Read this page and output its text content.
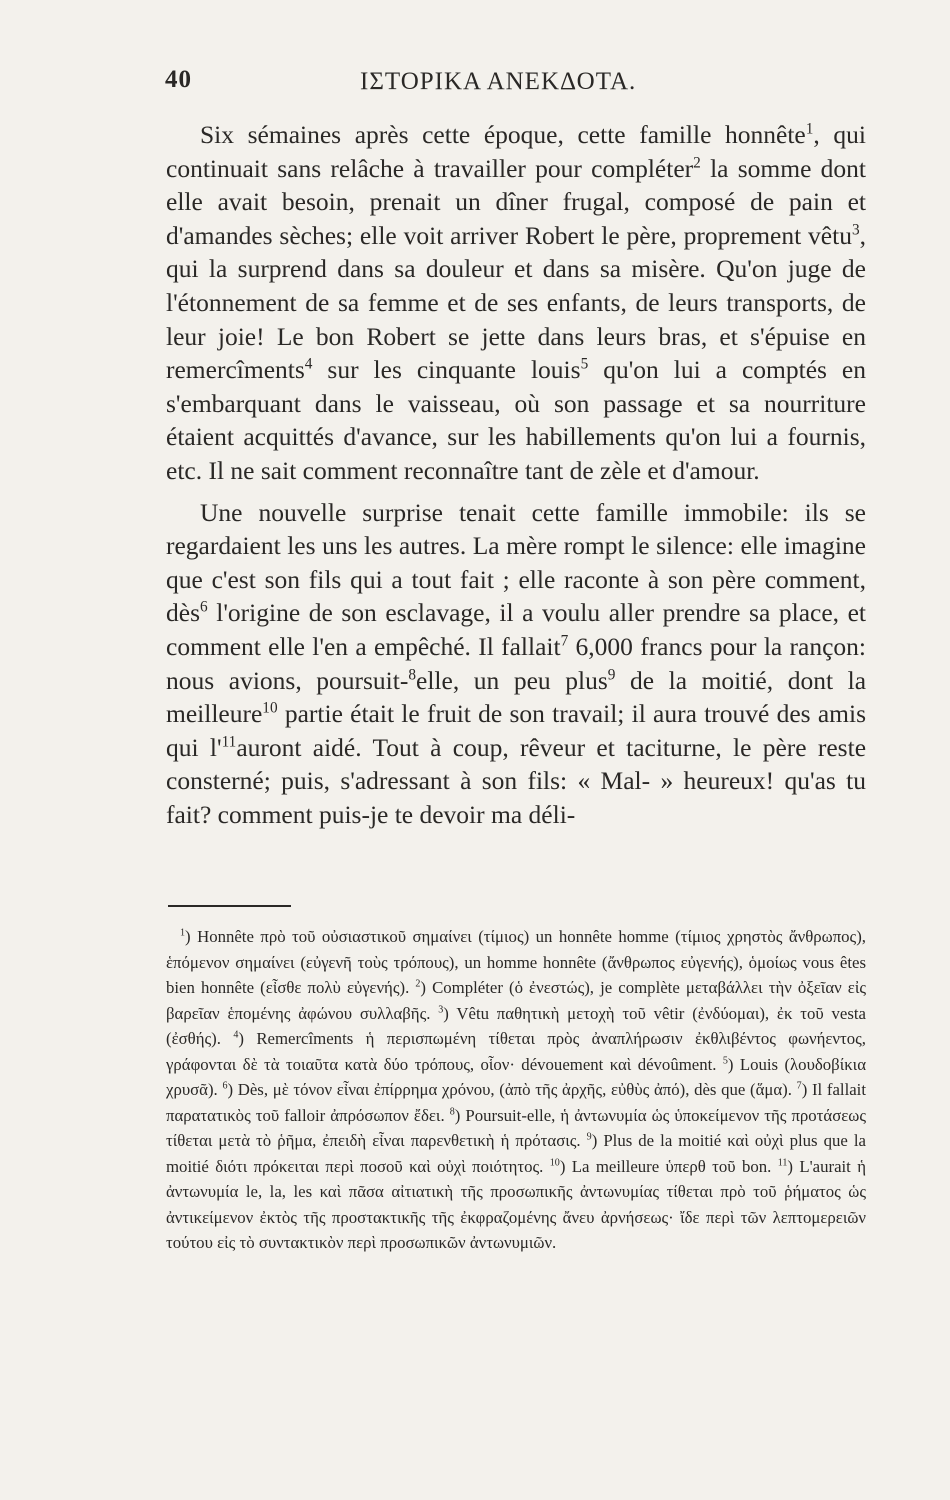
40	ΙΣΤΟΡΙΚΑ ΑΝΕΚΔΟΤΑ.

Six sémaines après cette époque, cette famille honnête$^1$, qui continuait sans relâche à travailler pour compléter$^2$ la somme dont elle avait besoin, prenait un dîner frugal, composé de pain et d'amandes sèches; elle voit arriver Robert le père, proprement vêtu$^3$, qui la surprend dans sa douleur et dans sa misère. Qu'on juge de l'étonnement de sa femme et de ses enfants, de leurs transports, de leur joie! Le bon Robert se jette dans leurs bras, et s'épuise en remercîments$^4$ sur les cinquante louis$^5$ qu'on lui a comptés en s'embarquant dans le vaisseau, où son passage et sa nourriture étaient acquittés d'avance, sur les habillements qu'on lui a fournis, etc. Il ne sait comment reconnaître tant de zèle et d'amour.

Une nouvelle surprise tenait cette famille immobile: ils se regardaient les uns les autres. La mère rompt le silence: elle imagine que c'est son fils qui a tout fait ; elle raconte à son père comment, dès$^6$ l'origine de son esclavage, il a voulu aller prendre sa place, et comment elle l'en a empêché. Il fallait$^7$ 6,000 francs pour la rançon: nous avions, poursuit-$^8$elle, un peu plus$^9$ de la moitié, dont la meilleure$^{10}$ partie était le fruit de son travail; il aura trouvé des amis qui $l'^{11}auront$ aidé. Tout à coup, rêveur et taciturne, le père reste consterné; puis, s'adressant à son fils: « Mal- » heureux! qu'as tu fait? comment puis-je te devoir ma déli-

$^1$) Honnête πρὸ τοῦ οὐσιαστικοῦ σημαίνει (τίμιος) un honnête homme (τίμιος χρηστὸς ἄνθρωπος), ἑπόμενον σημαίνει (εὐγενῆ τοὺς τρόπους), un homme honnête (ἄνθρωπος εὐγενής), ὁμοίως vous êtes bien honnête (εἶσθε πολὺ εὐγενής). $^2$) Compléter (ὁ ἐνεστώς), je complète μεταβάλλει τὴν ὀξεῖαν εἰς βαρεῖαν ἑπομένης ἀφώνου συλλαβῆς. $^3$) Vêtu παθητικὴ μετοχὴ τοῦ vêtir (ἐνδύομαι), ἐκ τοῦ vesta (ἐσθής). $^4$) Remercîments ἡ περισπωμένη τίθεται πρὸς ἀναπλήρωσιν ἐκθλιβέντος φωνήεντος, γράφονται δὲ τὰ τοιαῦτα κατὰ δύο τρόπους, οἷον· dévouement καὶ dévoûment. $^5$) Louis (λουδοβίκια χρυσᾶ). $^6$) Dès, μὲ τόνον εἶναι ἐπίρρημα χρόνου, (ἀπὸ τῆς ἀρχῆς, εὐθὺς ἀπό), dès que (ἅμα). $^7$) Il fallait παρατατικὸς τοῦ falloir ἀπρόσωπον ἔδει. $^8$) Poursuit-elle, ἡ ἀντωνυμία ὡς ὑποκείμενον τῆς προτάσεως τίθεται μετὰ τὸ ῥῆμα, ἐπειδὴ εἶναι παρενθετικὴ ἡ πρότασις. $^9$) Plus de la moitié καὶ οὐχὶ plus que la moitié διότι πρόκειται περὶ ποσοῦ καὶ οὐχὶ ποιότητος. $^{10}$) La meilleure ὑπερθ τοῦ bon. $^{11}$) L'aurait ἡ ἀντωνυμία le, la, les καὶ πᾶσα αἰτιατικὴ τῆς προσωπικῆς ἀντωνυμίας τίθεται πρὸ τοῦ ῥήματος ὡς ἀντικείμενον ἐκτὸς τῆς προστακτικῆς τῆς ἐκφραζομένης ἄνευ ἀρνήσεως· ἴδε περὶ τῶν λεπτομερειῶν τούτου εἰς τὸ συντακτικὸν περὶ προσωπικῶν ἀντωνυμιῶν.
